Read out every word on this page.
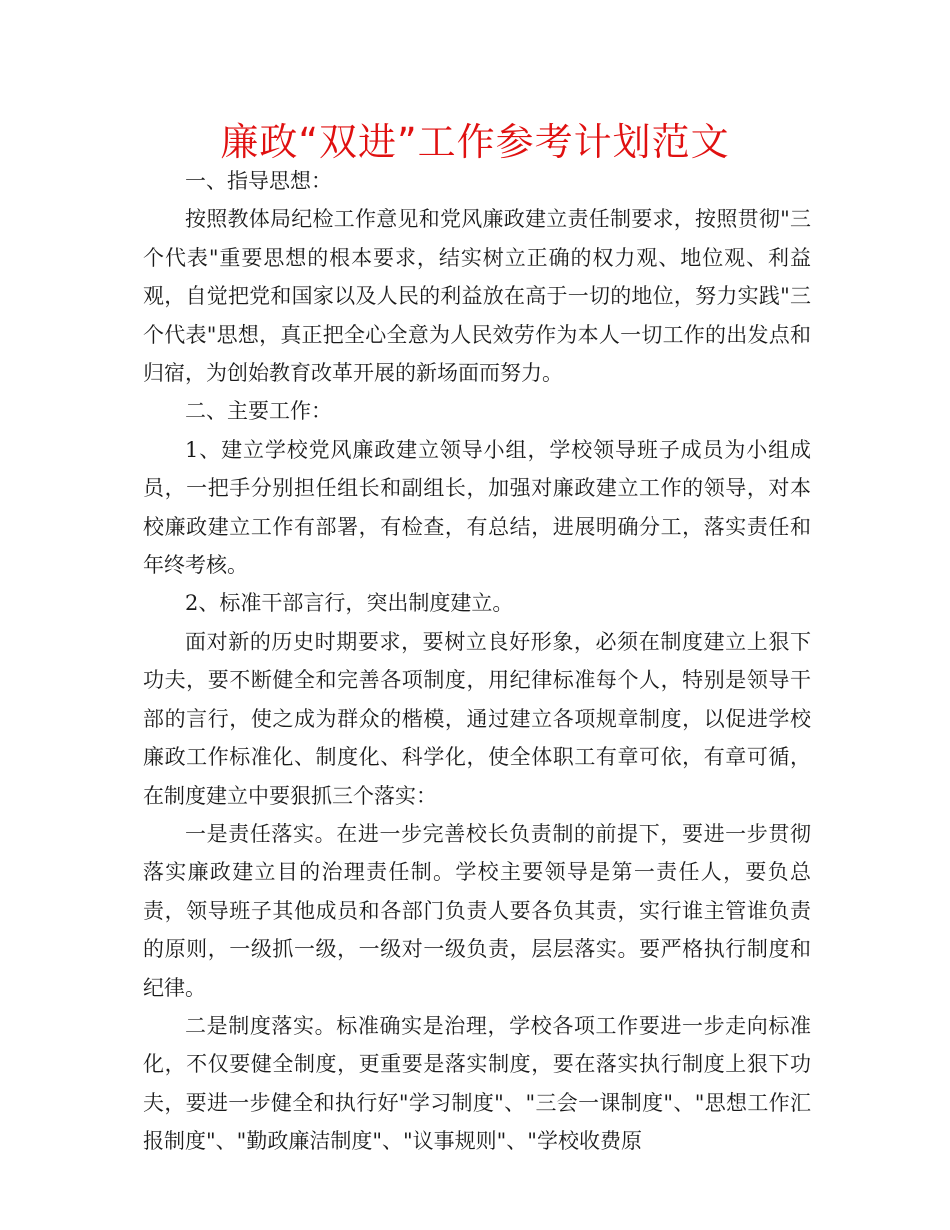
廉政“双进”工作参考计划范文

一、指导思想：

按照教体局纪检工作意见和党风廉政建立责任制要求，按照贯彻"三个代表"重要思想的根本要求，结实树立正确的权力观、地位观、利益观，自觉把党和国家以及人民的利益放在高于一切的地位，努力实践"三个代表"思想，真正把全心全意为人民效劳作为本人一切工作的出发点和归宿，为创始教育改革开展的新场面而努力。

二、主要工作：

1、建立学校党风廉政建立领导小组，学校领导班子成员为小组成员，一把手分别担任组长和副组长，加强对廉政建立工作的领导，对本校廉政建立工作有部署，有检查，有总结，进展明确分工，落实责任和年终考核。

2、标准干部言行，突出制度建立。

面对新的历史时期要求，要树立良好形象，必须在制度建立上狠下功夫，要不断健全和完善各项制度，用纪律标准每个人，特别是领导干部的言行，使之成为群众的楷模，通过建立各项规章制度，以促进学校廉政工作标准化、制度化、科学化，使全体职工有章可依，有章可循，在制度建立中要狠抓三个落实：

一是责任落实。在进一步完善校长负责制的前提下，要进一步贯彻落实廉政建立目的治理责任制。学校主要领导是第一责任人，要负总责，领导班子其他成员和各部门负责人要各负其责，实行谁主管谁负责的原则，一级抓一级，一级对一级负责，层层落实。要严格执行制度和纪律。

二是制度落实。标准确实是治理，学校各项工作要进一步走向标准化，不仅要健全制度，更重要是落实制度，要在落实执行制度上狠下功夫，要进一步健全和执行好"学习制度"、"三会一课制度"、"思想工作汇报制度"、"勤政廉洁制度"、"议事规则"、"学校收费原
